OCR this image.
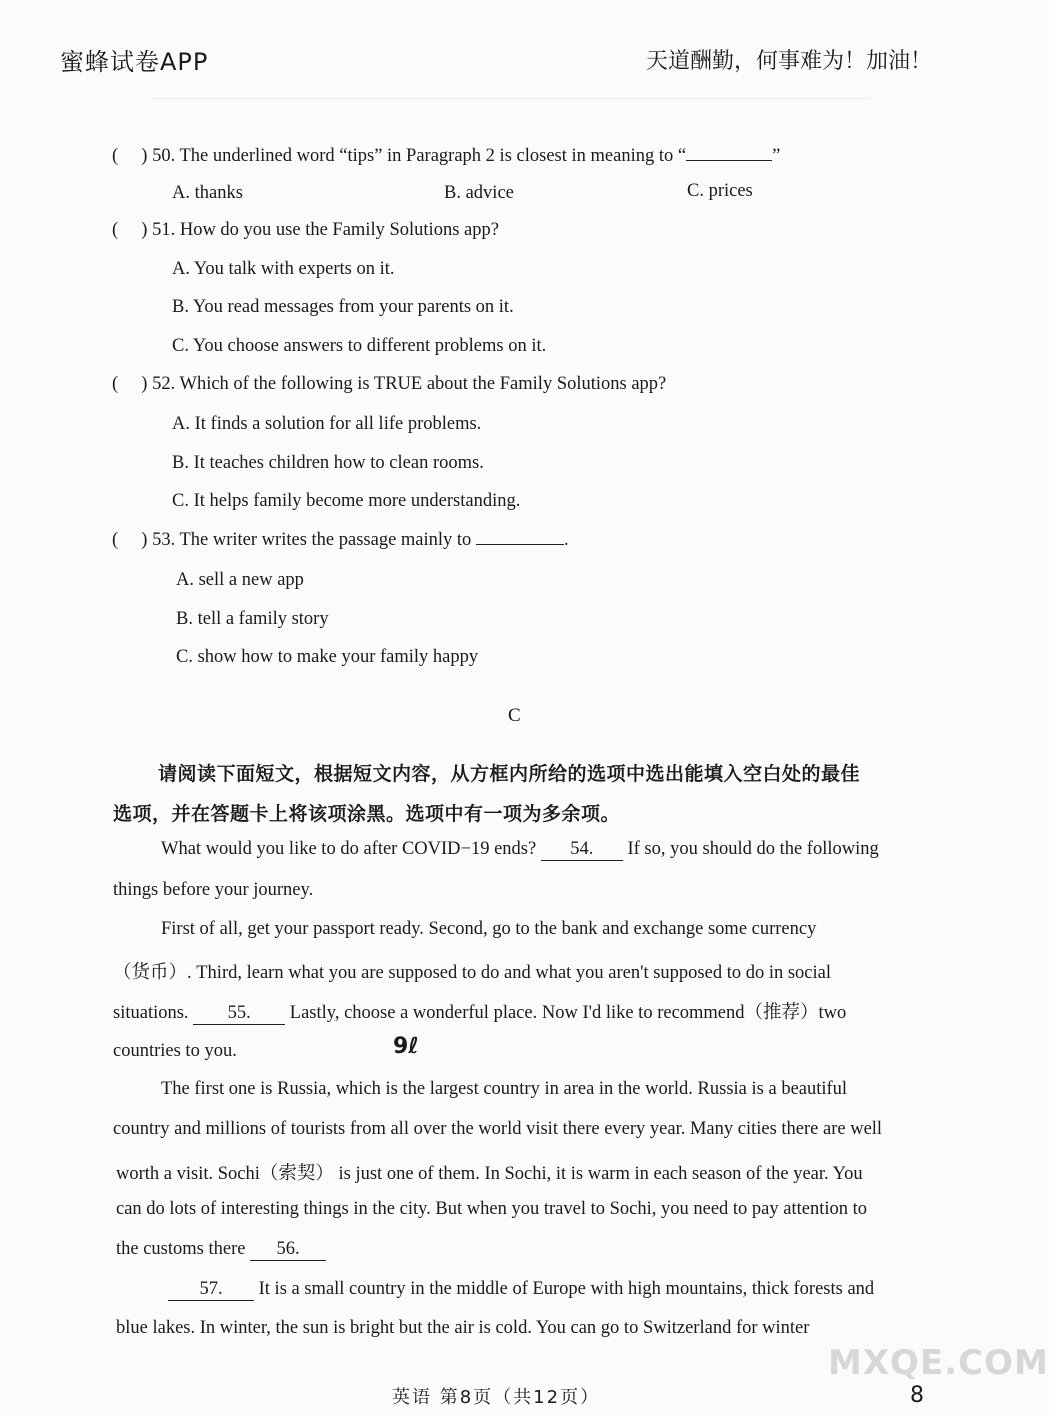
蜜蜂试卷APP	天道酬勤，何事难为！加油！
(     ) 50. The underlined word “tips” in Paragraph 2 is closest in meaning to “	”
A. thanks	B. advice	C. prices
(     ) 51. How do you use the Family Solutions app?
A. You talk with experts on it.
B. You read messages from your parents on it.
C. You choose answers to different problems on it.
(     ) 52. Which of the following is TRUE about the Family Solutions app?
A. It finds a solution for all life problems.
B. It teaches children how to clean rooms.
C. It helps family become more understanding.
(     ) 53. The writer writes the passage mainly to	.
A. sell a new app
B. tell a family story
C. show how to make your family happy
C
请阅读下面短文，根据短文内容，从方框内所给的选项中选出能填入空白处的最佳
选项，并在答题卡上将该项涂黑。选项中有一项为多余项。
What would you like to do after COVID−19 ends? 54. If so, you should do the following
things before your journey.
First of all, get your passport ready. Second, go to the bank and exchange some currency
（货币）. Third, learn what you are supposed to do and what you aren't supposed to do in social
situations. 55. Lastly, choose a wonderful place. Now I'd like to recommend（推荐）two
countries to you.	9ℓ
The first one is Russia, which is the largest country in area in the world. Russia is a beautiful
country and millions of tourists from all over the world visit there every year. Many cities there are well
worth a visit. Sochi（索契） is just one of them. In Sochi, it is warm in each season of the year. You
can do lots of interesting things in the city. But when you travel to Sochi, you need to pay attention to
the customs there 56.
57. It is a small country in the middle of Europe with high mountains, thick forests and
blue lakes. In winter, the sun is bright but the air is cold. You can go to Switzerland for winter
MXQE.COM
英语 第8页（共12页）	8
